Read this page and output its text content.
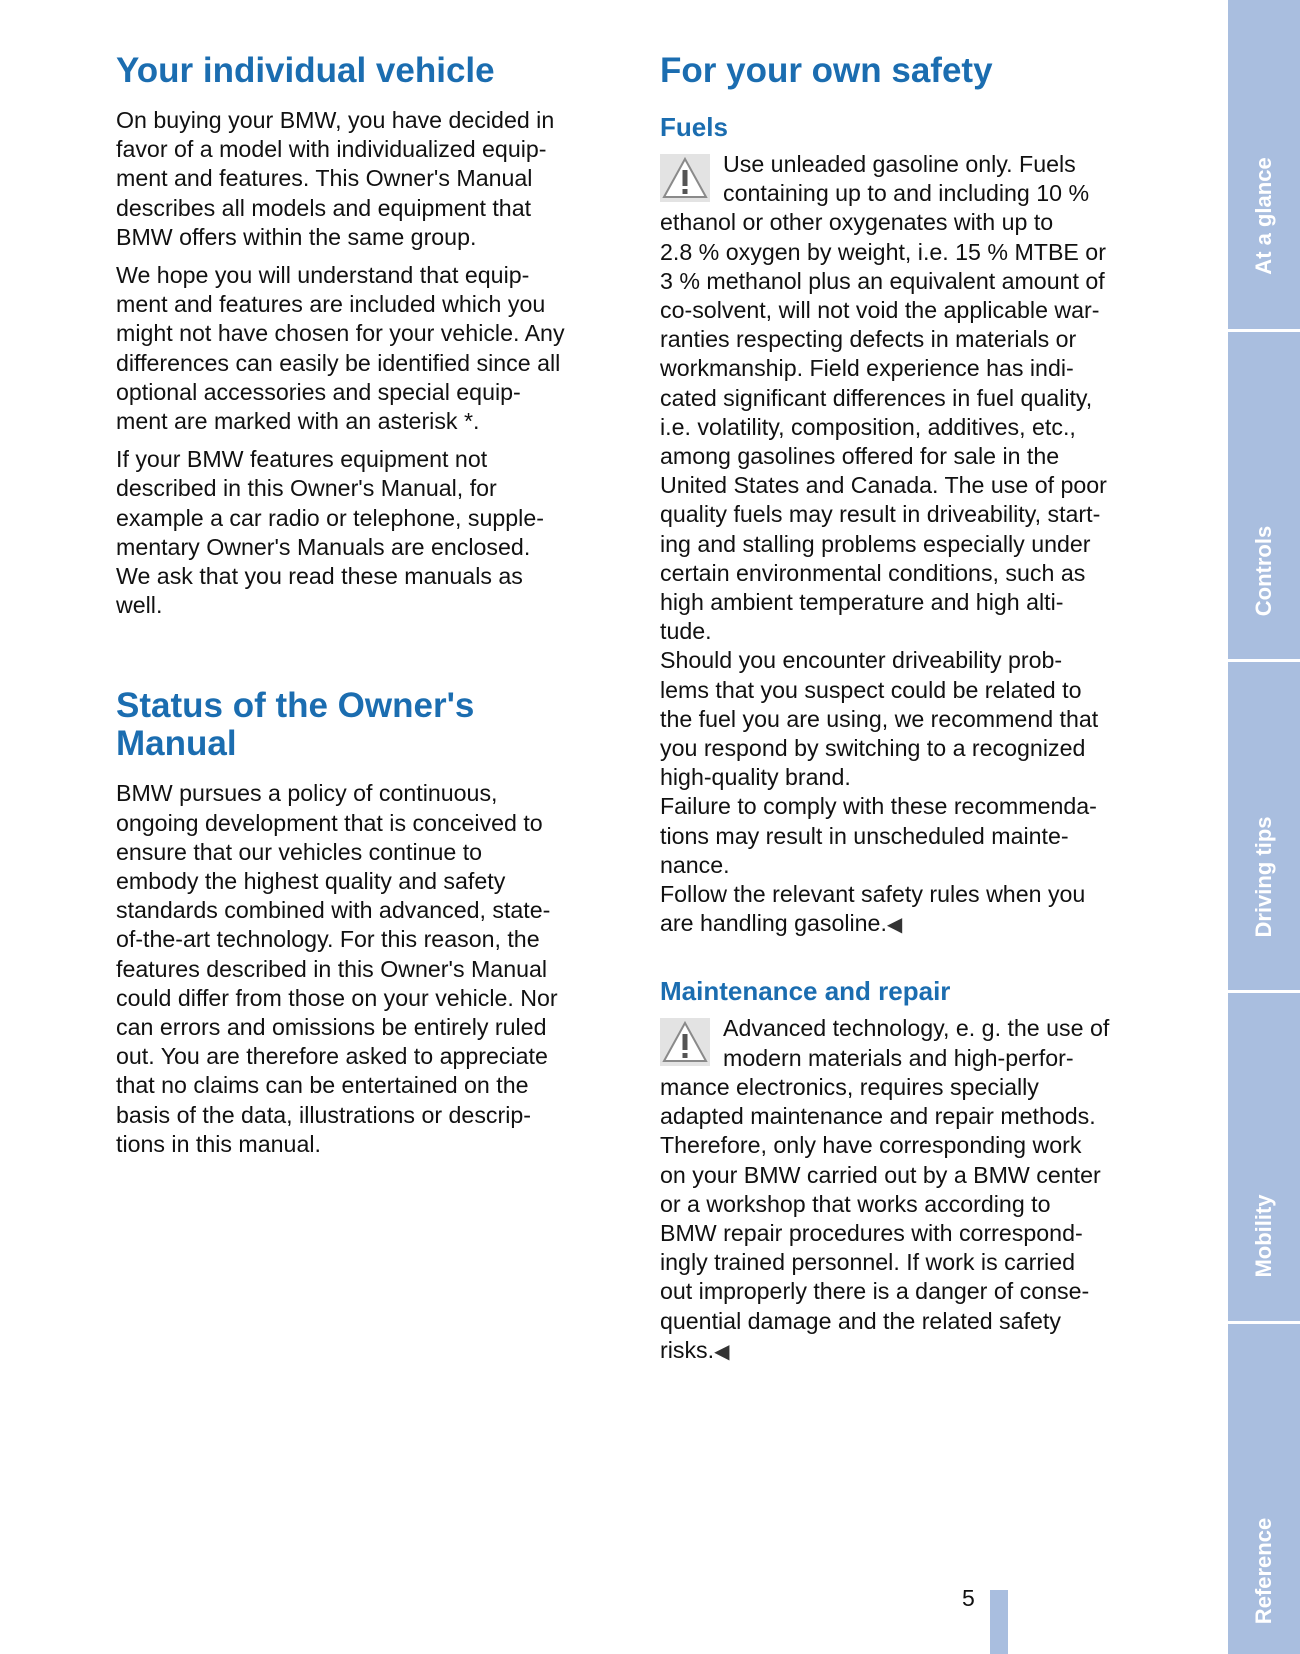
Your individual vehicle

On buying your BMW, you have decided in
favor of a model with individualized equip-
ment and features. This Owner's Manual
describes all models and equipment that
BMW offers within the same group.

We hope you will understand that equip-
ment and features are included which you
might not have chosen for your vehicle. Any
differences can easily be identified since all
optional accessories and special equip-
ment are marked with an asterisk *.

If your BMW features equipment not
described in this Owner's Manual, for
example a car radio or telephone, supple-
mentary Owner's Manuals are enclosed.
We ask that you read these manuals as
well.

Status of the Owner's
Manual

BMW pursues a policy of continuous,
ongoing development that is conceived to
ensure that our vehicles continue to
embody the highest quality and safety
standards combined with advanced, state-
of-the-art technology. For this reason, the
features described in this Owner's Manual
could differ from those on your vehicle. Nor
can errors and omissions be entirely ruled
out. You are therefore asked to appreciate
that no claims can be entertained on the
basis of the data, illustrations or descrip-
tions in this manual.

For your own safety
Fuels

Use unleaded gasoline only. Fuels
containing up to and including 10 %

ethanol or other oxygenates with up to
2.8 % oxygen by weight, i.e. 15 % MTBE or
3 % methanol plus an equivalent amount of
co-solvent, will not void the applicable war-
ranties respecting defects in materials or
workmanship. Field experience has indi-
cated significant differences in fuel quality,
i.e. volatility, composition, additives, etc.,
among gasolines offered for sale in the
United States and Canada. The use of poor
quality fuels may result in driveability, start-
ing and stalling problems especially under
certain environmental conditions, such as
high ambient temperature and high alti-
tude.

Should you encounter driveability prob-
lems that you suspect could be related to
the fuel you are using, we recommend that
you respond by switching to a recognized
high-quality brand.

Failure to comply with these recommenda-
tions may result in unscheduled mainte-
nance.

Follow the relevant safety rules when you
are handling gasoline.◀

Maintenance and repair

Advanced technology, e. g. the use of
modern materials and high-perfor-

mance electronics, requires specially
adapted maintenance and repair methods.
Therefore, only have corresponding work
on your BMW carried out by a BMW center
or a workshop that works according to
BMW repair procedures with correspond-
ingly trained personnel. If work is carried
out improperly there is a danger of conse-
quential damage and the related safety
risks.◀

At a glance
Controls
Driving tips
Mobility
Reference
5
